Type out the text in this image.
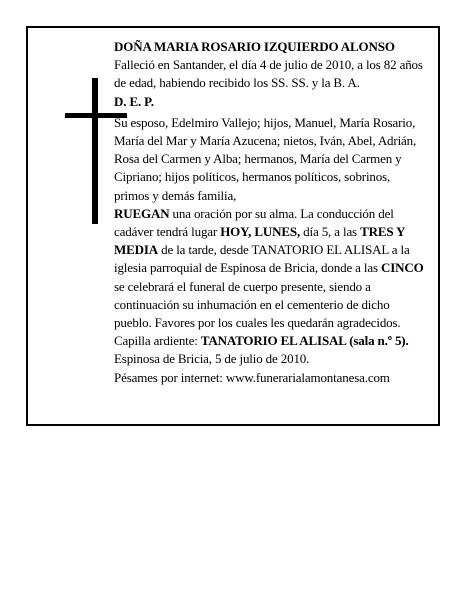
DOÑA MARIA ROSARIO IZQUIERDO ALONSO

Falleció en Santander, el día 4 de julio de 2010, a los 82 años de edad, habiendo recibido los SS. SS. y la B. A.

D. E. P.

Su esposo, Edelmiro Vallejo; hijos, Manuel, María Rosario, María del Mar y María Azucena; nietos, Iván, Abel, Adrián, Rosa del Carmen y Alba; hermanos, María del Carmen y Cipriano; hijos políticos, hermanos políticos, sobrinos, primos y demás familia,

RUEGAN una oración por su alma. La conducción del cadáver tendrá lugar HOY, LUNES, día 5, a las TRES Y MEDIA de la tarde, desde TANATORIO EL ALISAL a la iglesia parroquial de Espinosa de Bricia, donde a las CINCO se celebrará el funeral de cuerpo presente, siendo a continuación su inhumación en el cementerio de dicho pueblo. Favores por los cuales les quedarán agradecidos. Capilla ardiente: TANATORIO EL ALISAL (sala n.º 5).

Espinosa de Bricia, 5 de julio de 2010.

Pésames por internet: www.funerarialamontanesa.com
